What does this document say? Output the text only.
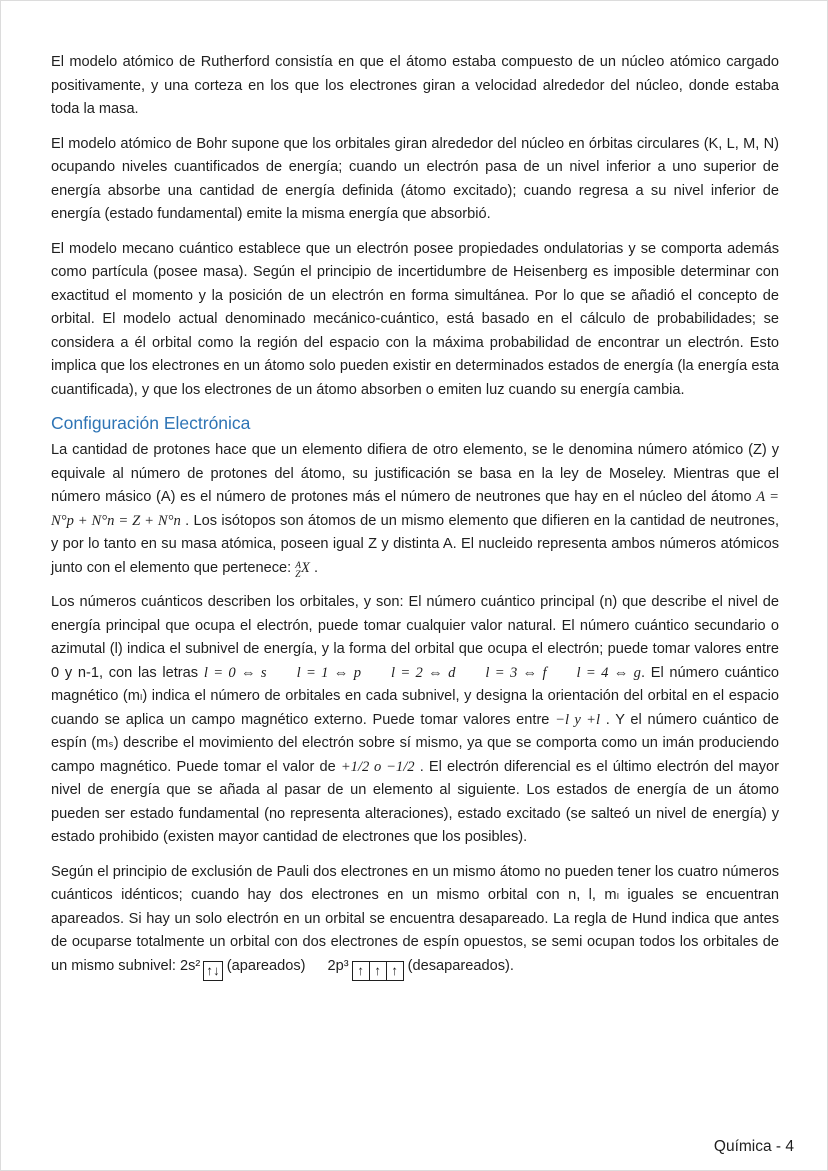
El modelo atómico de Rutherford consistía en que el átomo estaba compuesto de un núcleo atómico cargado positivamente, y una corteza en los que los electrones giran a velocidad alrededor del núcleo, donde estaba toda la masa.

El modelo atómico de Bohr supone que los orbitales giran alrededor del núcleo en órbitas circulares (K, L, M, N) ocupando niveles cuantificados de energía; cuando un electrón pasa de un nivel inferior a uno superior de energía absorbe una cantidad de energía definida (átomo excitado); cuando regresa a su nivel inferior de energía (estado fundamental) emite la misma energía que absorbió.

El modelo mecano cuántico establece que un electrón posee propiedades ondulatorias y se comporta además como partícula (posee masa). Según el principio de incertidumbre de Heisenberg es imposible determinar con exactitud el momento y la posición de un electrón en forma simultánea. Por lo que se añadió el concepto de orbital. El modelo actual denominado mecánico-cuántico, está basado en el cálculo de probabilidades; se considera a él orbital como la región del espacio con la máxima probabilidad de encontrar un electrón. Esto implica que los electrones en un átomo solo pueden existir en determinados estados de energía (la energía esta cuantificada), y que los electrones de un átomo absorben o emiten luz cuando su energía cambia.

Configuración Electrónica

La cantidad de protones hace que un elemento difiera de otro elemento, se le denomina número atómico (Z) y equivale al número de protones del átomo, su justificación se basa en la ley de Moseley. Mientras que el número másico (A) es el número de protones más el número de neutrones que hay en el núcleo del átomo A = N°p + N°n = Z + N°n . Los isótopos son átomos de un mismo elemento que difieren en la cantidad de neutrones, y por lo tanto en su masa atómica, poseen igual Z y distinta A. El nucleido representa ambos números atómicos junto con el elemento que pertenece: A
Z X .

Los números cuánticos describen los orbitales, y son: El número cuántico principal (n) que describe el nivel de energía principal que ocupa el electrón, puede tomar cualquier valor natural. El número cuántico secundario o azimutal (l) indica el subnivel de energía, y la forma del orbital que ocupa el electrón; puede tomar valores entre 0 y n-1, con las letras l = 0 ⇔ s l = 1 ⇔ p l = 2 ⇔ d l = 3 ⇔ f l = 4 ⇔ g. El número cuántico magnético (mₗ) indica el número de orbitales en cada subnivel, y designa la orientación del orbital en el espacio cuando se aplica un campo magnético externo. Puede tomar valores entre −l y +l . Y el número cuántico de espín (mₛ) describe el movimiento del electrón sobre sí mismo, ya que se comporta como un imán produciendo campo magnético. Puede tomar el valor de +1/2 o −1/2 . El electrón diferencial es el último electrón del mayor nivel de energía que se añada al pasar de un elemento al siguiente. Los estados de energía de un átomo pueden ser estado fundamental (no representa alteraciones), estado excitado (se salteó un nivel de energía) y estado prohibido (existen mayor cantidad de electrones que los posibles).

Según el principio de exclusión de Pauli dos electrones en un mismo átomo no pueden tener los cuatro números cuánticos idénticos; cuando hay dos electrones en un mismo orbital con n, l, mₗ iguales se encuentran apareados. Si hay un solo electrón en un orbital se encuentra desapareado. La regla de Hund indica que antes de ocuparse totalmente un orbital con dos electrones de espín opuestos, se semi ocupan todos los orbitales de un mismo subnivel: 2s² ↑↓ (apareados) 2p³ ↑ ↑ ↑ (desapareados).

Química - 4
